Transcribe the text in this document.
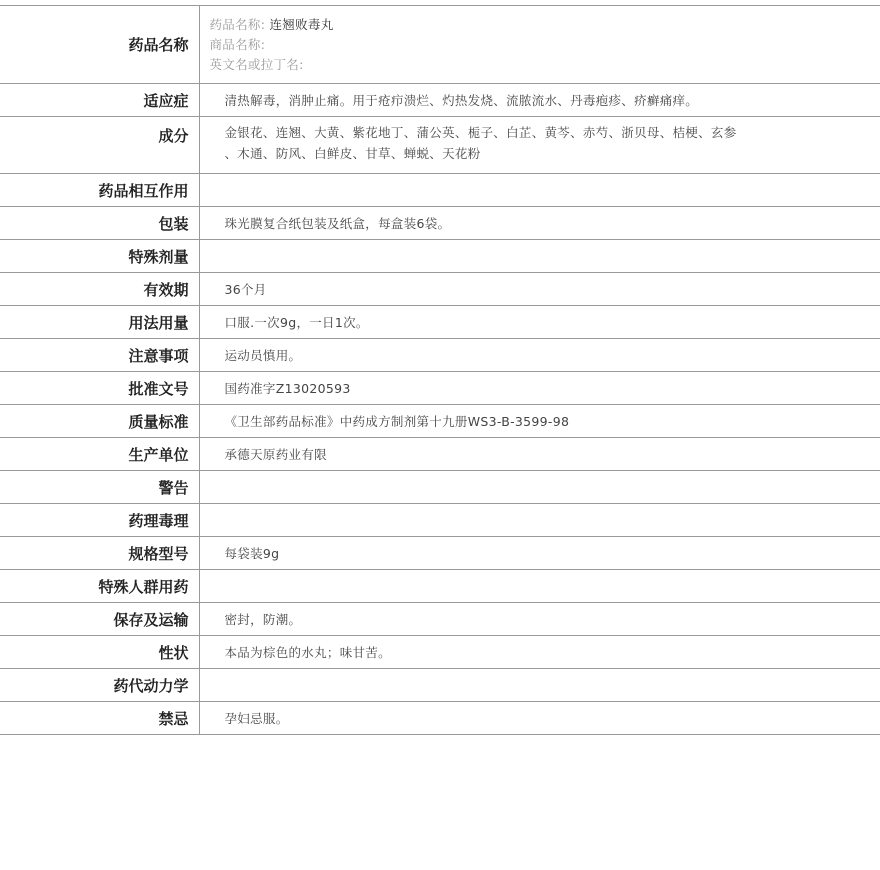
药品名称	药品名称: 连翘败毒丸
商品名称:
英文名或拉丁名:

适应症	清热解毒，消肿止痛。用于疮疖溃烂、灼热发烧、流脓流水、丹毒疱疹、疥癣痛痒。
成分	金银花、连翘、大黄、紫花地丁、蒲公英、栀子、白芷、黄芩、赤芍、浙贝母、桔梗、玄参
、木通、防风、白鲜皮、甘草、蝉蜕、天花粉

药品相互作用	
包装	珠光膜复合纸包装及纸盒，每盒装6袋。
特殊剂量	
有效期	36个月
用法用量	口服.一次9g，一日1次。
注意事项	运动员慎用。
批准文号	国药准字Z13020593
质量标准	《卫生部药品标准》中药成方制剂第十九册WS3-B-3599-98
生产单位	承德天原药业有限
警告	
药理毒理	
规格型号	每袋装9g
特殊人群用药	
保存及运输	密封，防潮。
性状	本品为棕色的水丸；味甘苦。
药代动力学	
禁忌	孕妇忌服。
